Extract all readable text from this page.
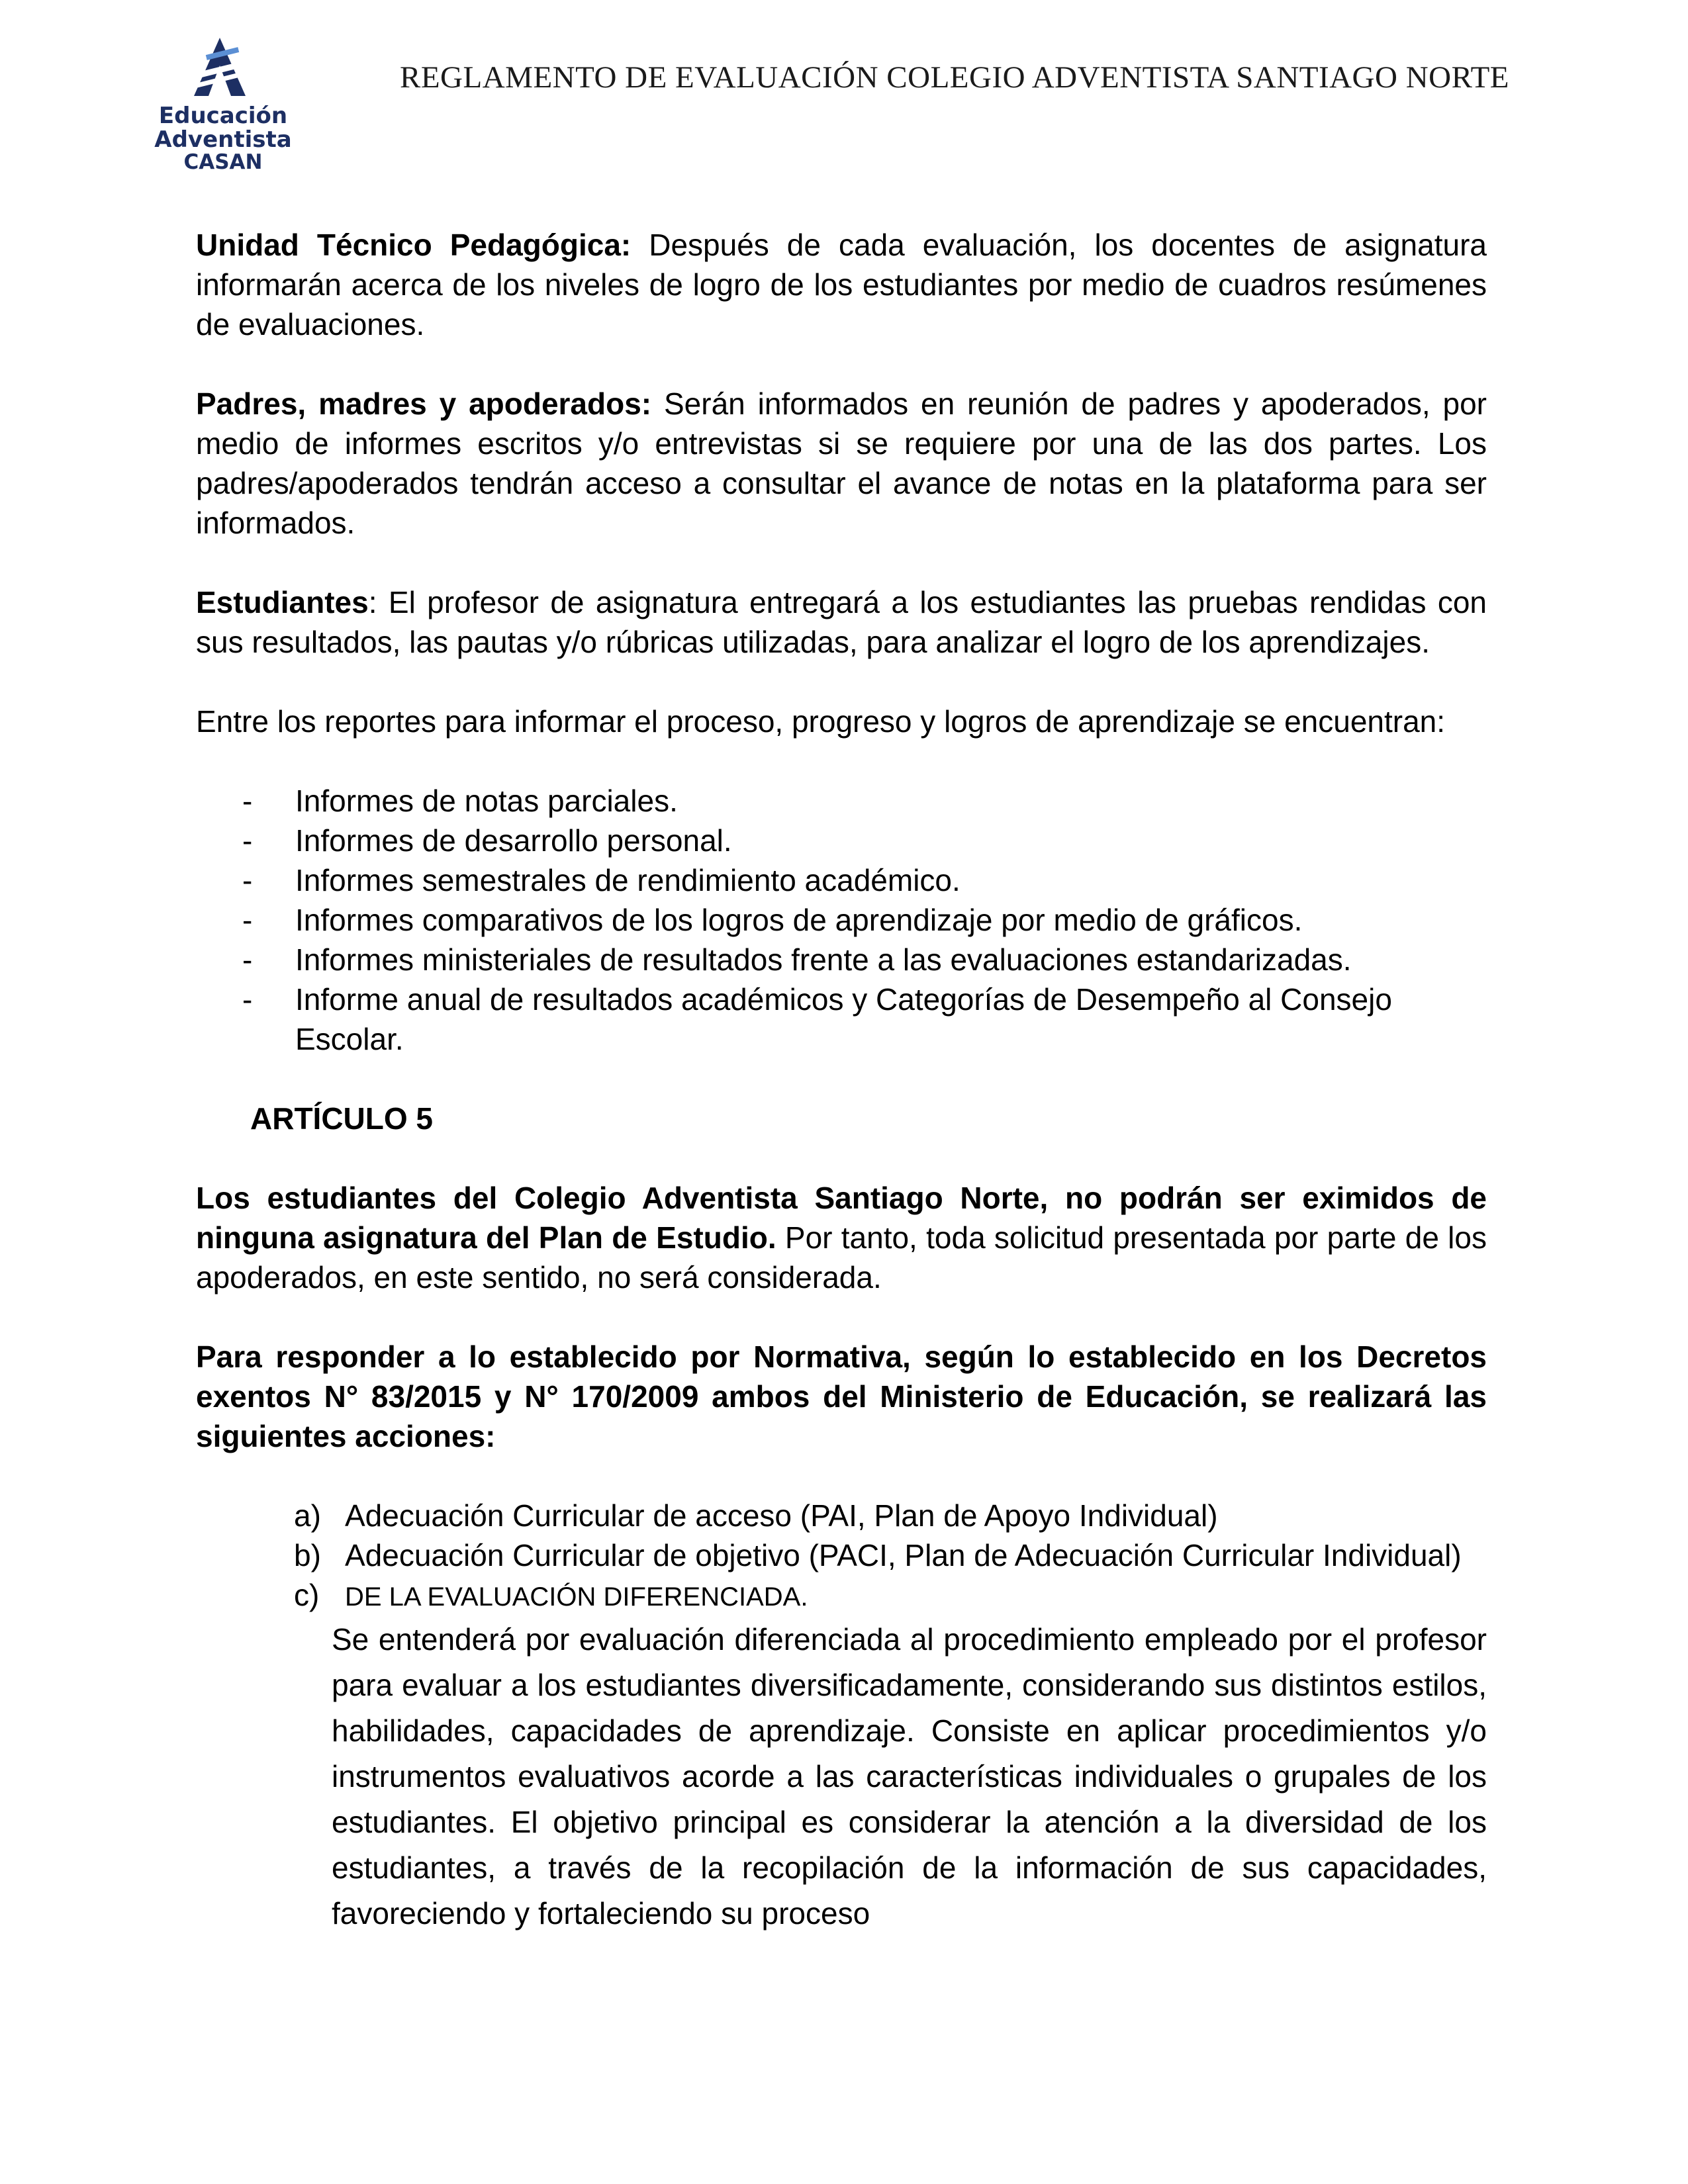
Educación
Adventista
CASAN
REGLAMENTO DE EVALUACIÓN COLEGIO ADVENTISTA SANTIAGO NORTE

Unidad Técnico Pedagógica: Después de cada evaluación, los docentes de asignatura informarán acerca de los niveles de logro de los estudiantes por medio de cuadros resúmenes de evaluaciones.

Padres, madres y apoderados: Serán informados en reunión de padres y apoderados, por medio de informes escritos y/o entrevistas si se requiere por una de las dos partes. Los padres/apoderados tendrán acceso a consultar el avance de notas en la plataforma para ser informados.

Estudiantes: El profesor de asignatura entregará a los estudiantes las pruebas rendidas con sus resultados, las pautas y/o rúbricas utilizadas, para analizar el logro de los aprendizajes.

Entre los reportes para informar el proceso, progreso y logros de aprendizaje se encuentran:

- Informes de notas parciales.
- Informes de desarrollo personal.
- Informes semestrales de rendimiento académico.
- Informes comparativos de los logros de aprendizaje por medio de gráficos.
- Informes ministeriales de resultados frente a las evaluaciones estandarizadas.
- Informe anual de resultados académicos y Categorías de Desempeño al Consejo Escolar.
ARTÍCULO 5

Los estudiantes del Colegio Adventista Santiago Norte, no podrán ser eximidos de ninguna asignatura del Plan de Estudio. Por tanto, toda solicitud presentada por parte de los apoderados, en este sentido, no será considerada.

Para responder a lo establecido por Normativa, según lo establecido en los Decretos exentos N° 83/2015 y N° 170/2009 ambos del Ministerio de Educación, se realizará las siguientes acciones:

a) Adecuación Curricular de acceso (PAI, Plan de Apoyo Individual)
b) Adecuación Curricular de objetivo (PACI, Plan de Adecuación Curricular Individual)
c) DE LA EVALUACIÓN DIFERENCIADA.

Se entenderá por evaluación diferenciada al procedimiento empleado por el profesor para evaluar a los estudiantes diversificadamente, considerando sus distintos estilos, habilidades, capacidades de aprendizaje. Consiste en aplicar procedimientos y/o instrumentos evaluativos acorde a las características individuales o grupales de los estudiantes. El objetivo principal es considerar la atención a la diversidad de los estudiantes, a través de la recopilación de la información de sus capacidades, favoreciendo y fortaleciendo su proceso
